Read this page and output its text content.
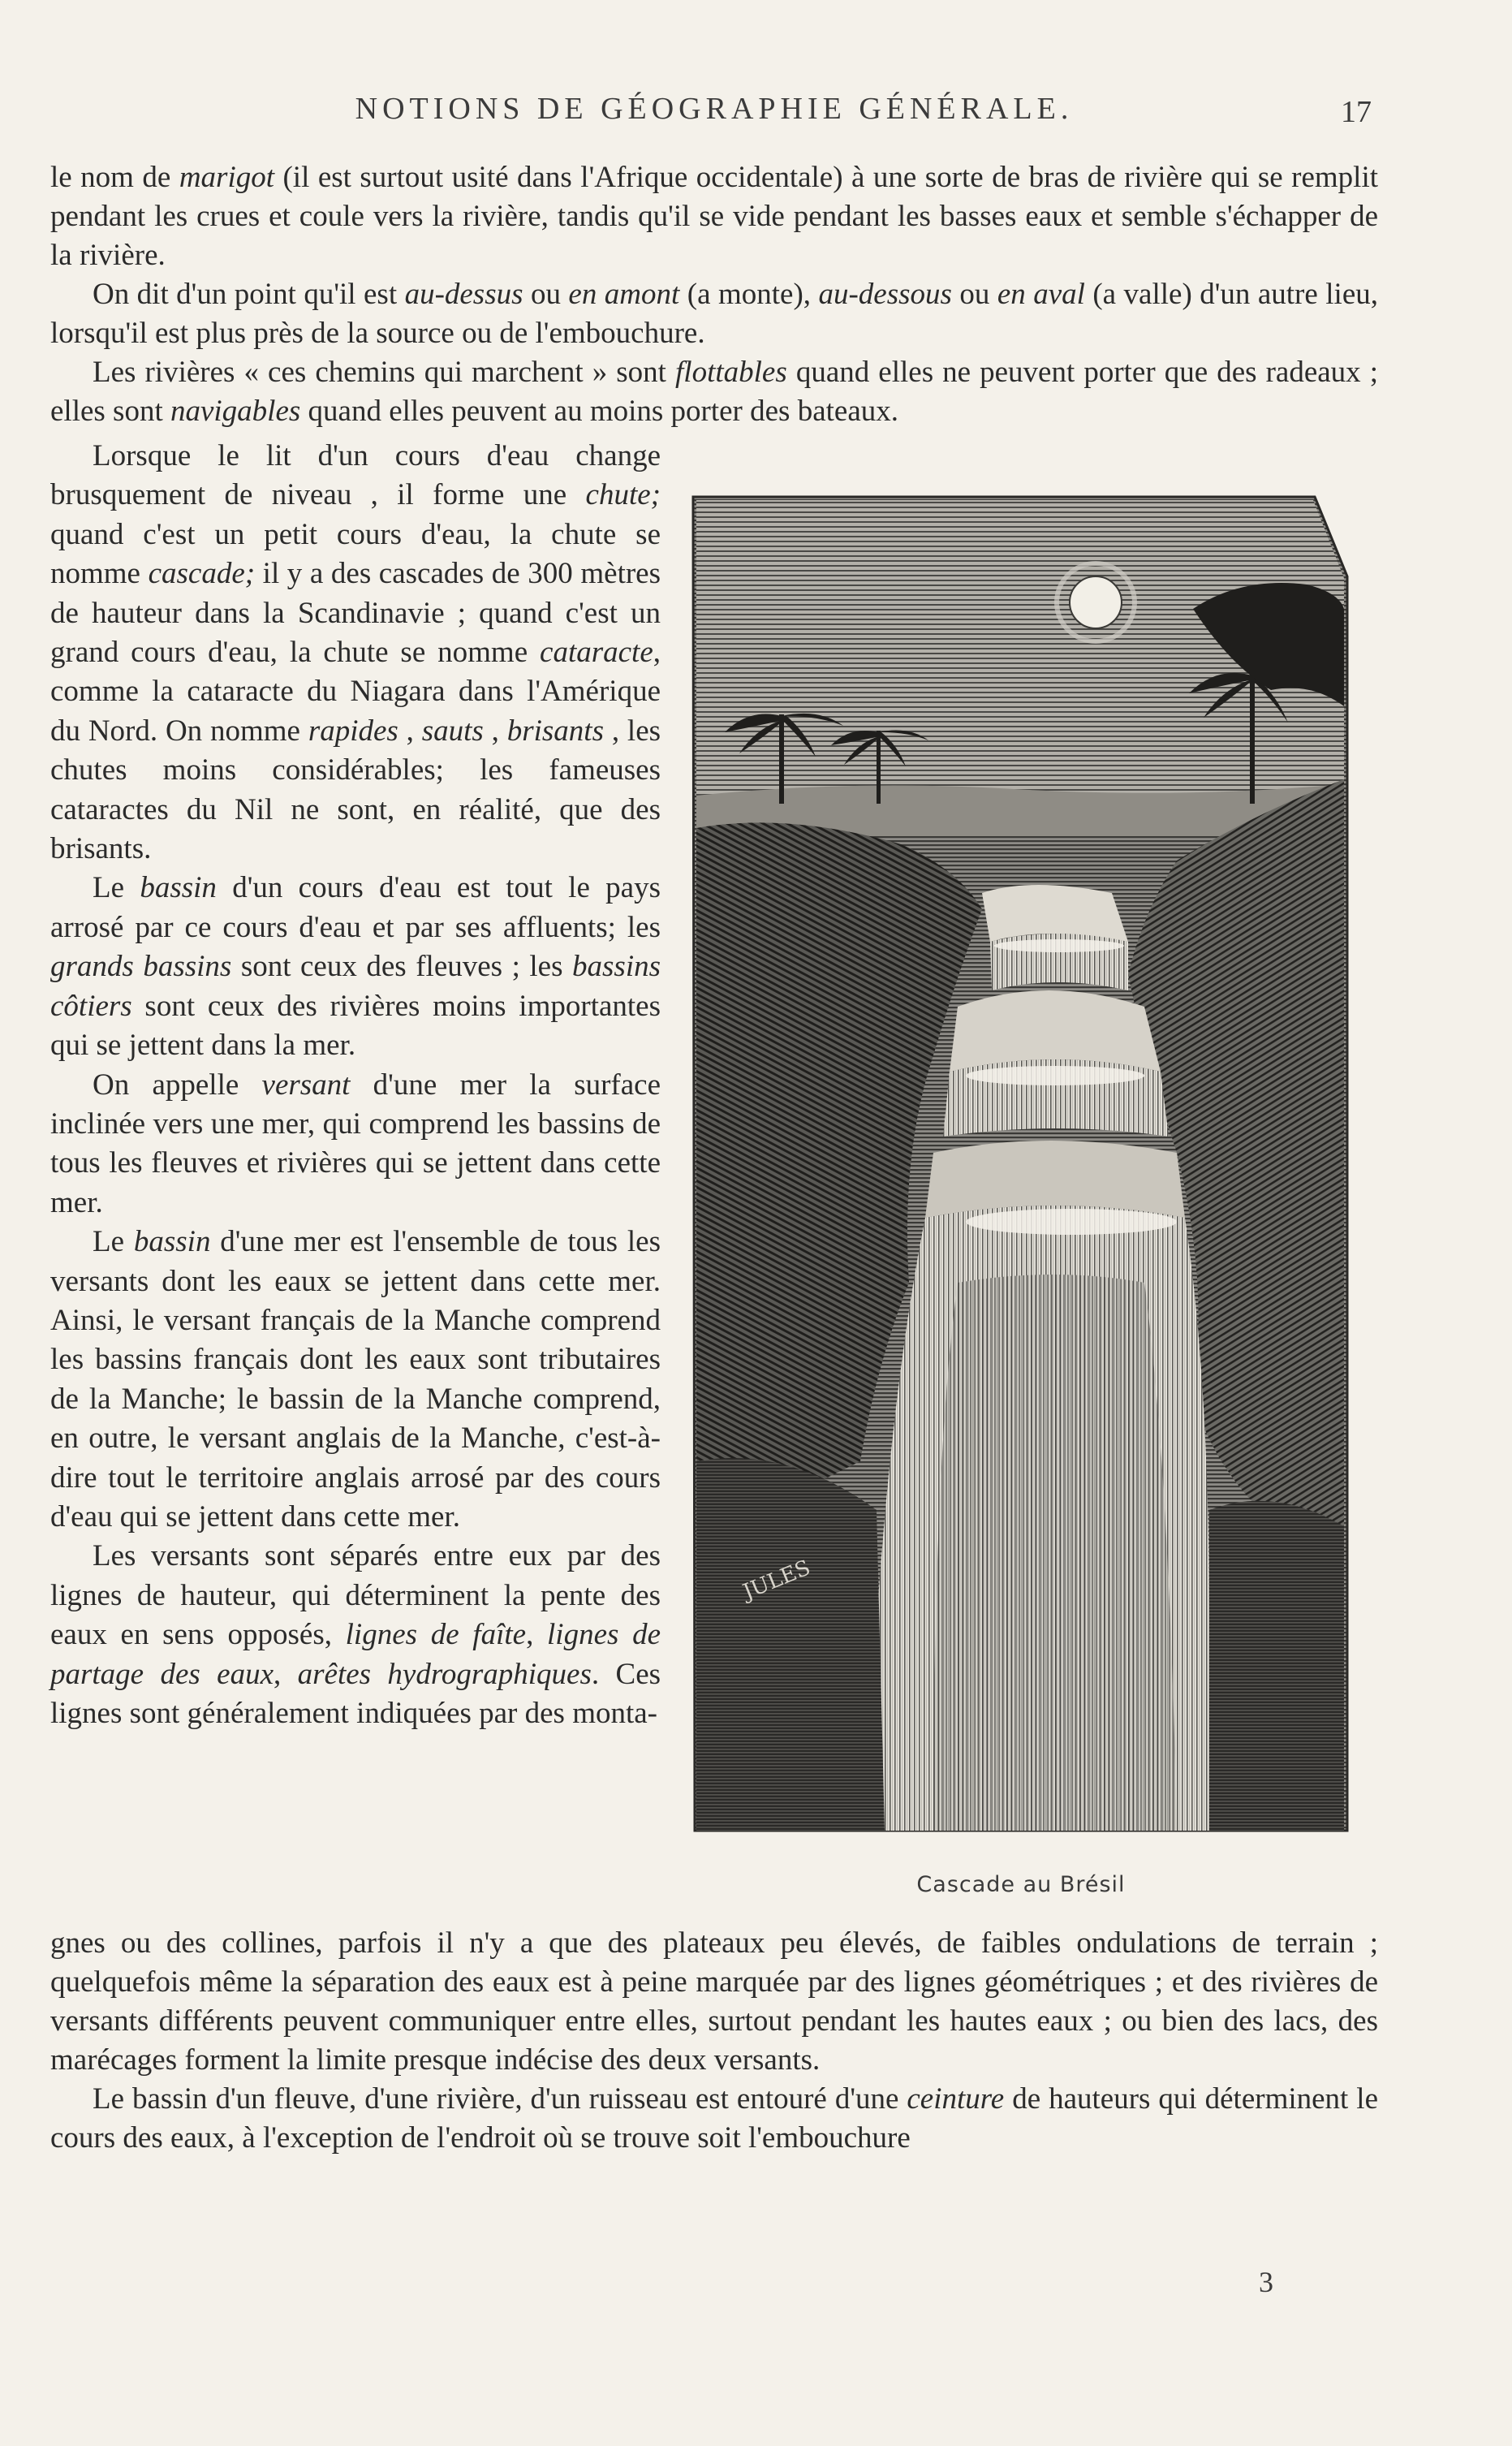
NOTIONS DE GÉOGRAPHIE GÉNÉRALE.	17

le nom de marigot (il est surtout usité dans l'Afrique occidentale) à une sorte de bras de rivière qui se remplit pendant les crues et coule vers la rivière, tandis qu'il se vide pendant les basses eaux et semble s'échapper de la rivière.

On dit d'un point qu'il est au-dessus ou en amont (a monte), au-dessous ou en aval (a valle) d'un autre lieu, lorsqu'il est plus près de la source ou de l'embouchure.

Les rivières « ces chemins qui marchent » sont flottables quand elles ne peuvent porter que des radeaux ; elles sont navigables quand elles peuvent au moins porter des bateaux.

Lorsque le lit d'un cours d'eau change brusquement de niveau , il forme une chute; quand c'est un petit cours d'eau, la chute se nomme cascade; il y a des cascades de 300 mètres de hauteur dans la Scandinavie ; quand c'est un grand cours d'eau, la chute se nomme cataracte, comme la cataracte du Niagara dans l'Amérique du Nord. On nomme rapides , sauts , brisants , les chutes moins considérables; les fameuses cataractes du Nil ne sont, en réalité, que des brisants.

Le bassin d'un cours d'eau est tout le pays arrosé par ce cours d'eau et par ses affluents; les grands bassins sont ceux des fleuves ; les bassins côtiers sont ceux des rivières moins importantes qui se jettent dans la mer.

On appelle versant d'une mer la surface inclinée vers une mer, qui comprend les bassins de tous les fleuves et rivières qui se jettent dans cette mer.

Le bassin d'une mer est l'ensemble de tous les versants dont les eaux se jettent dans cette mer. Ainsi, le versant français de la Manche comprend les bassins français dont les eaux sont tributaires de la Manche; le bassin de la Manche comprend, en outre, le versant anglais de la Manche, c'est-à-dire tout le territoire anglais arrosé par des cours d'eau qui se jettent dans cette mer.

Les versants sont séparés entre eux par des lignes de hauteur, qui déterminent la pente des eaux en sens opposés, lignes de faîte, lignes de partage des eaux, arêtes hydrographiques. Ces lignes sont généralement indiquées par des monta-

JULES
Cascade au Brésil

gnes ou des collines, parfois il n'y a que des plateaux peu élevés, de faibles ondulations de terrain ; quelquefois même la séparation des eaux est à peine marquée par des lignes géométriques ; et des rivières de versants différents peuvent communiquer entre elles, surtout pendant les hautes eaux ; ou bien des lacs, des marécages forment la limite presque indécise des deux versants.

Le bassin d'un fleuve, d'une rivière, d'un ruisseau est entouré d'une ceinture de hauteurs qui déterminent le cours des eaux, à l'exception de l'endroit où se trouve soit l'embouchure

3
